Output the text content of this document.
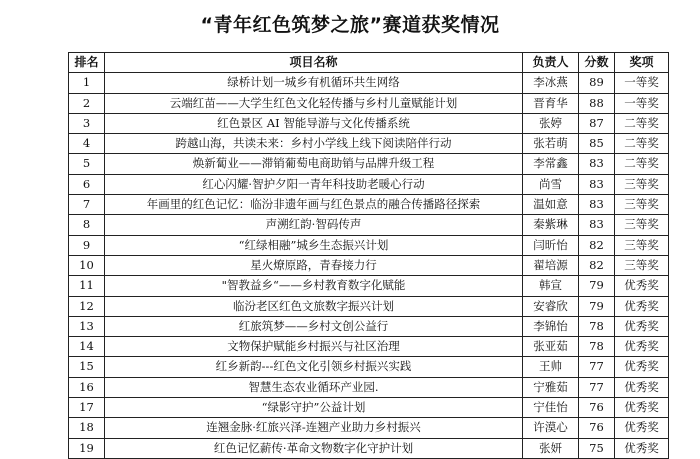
“青年红色筑梦之旅”赛道获奖情况
排名	项目名称	负责人	分数	奖项
1	绿桥计划一城乡有机循环共生网络	李冰燕	89	一等奖
2	云端红苗——大学生红色文化轻传播与乡村儿童赋能计划	晋育华	88	一等奖
3	红色景区 AI 智能导游与文化传播系统	张婷	87	二等奖
4	跨越山海，共读未来：乡村小学线上线下阅读陪伴行动	张若萌	85	二等奖
5	焕新蔔业——滞销葡萄电商助销与品牌升级工程	李常鑫	83	二等奖
6	红心闪耀·智护夕阳一青年科技助老暖心行动	尚雪	83	三等奖
7	年画里的红色记忆：临汾非遗年画与红色景点的融合传播路径探索	温如意	83	三等奖
8	声溯红韵·智码传声	秦紫琳	83	三等奖
9	“红绿相融”城乡生态振兴计划	闫昕怡	82	三等奖
10	星火燎原路，青春接力行	翟培源	82	三等奖
11	"智教益乡“——乡村教育数字化赋能	韩宣	79	优秀奖
12	临汾老区红色文旅数字振兴计划	安睿欣	79	优秀奖
13	红旅筑梦——乡村文创公益行	李锦怡	78	优秀奖
14	文物保护赋能乡村振兴与社区治理	张亚茹	78	优秀奖
15	红乡新韵---红色文化引领乡村振兴实践	王帅	77	优秀奖
16	智慧生态农业循环产业园.	宁雅茹	77	优秀奖
17	“绿影守护”公益计划	宁佳怡	76	优秀奖
18	连翘金脉·红旅兴泽-连翘产业助力乡村振兴	许漠心	76	优秀奖
19	红色记忆薪传·革命文物数字化守护计划	张妍	75	优秀奖
